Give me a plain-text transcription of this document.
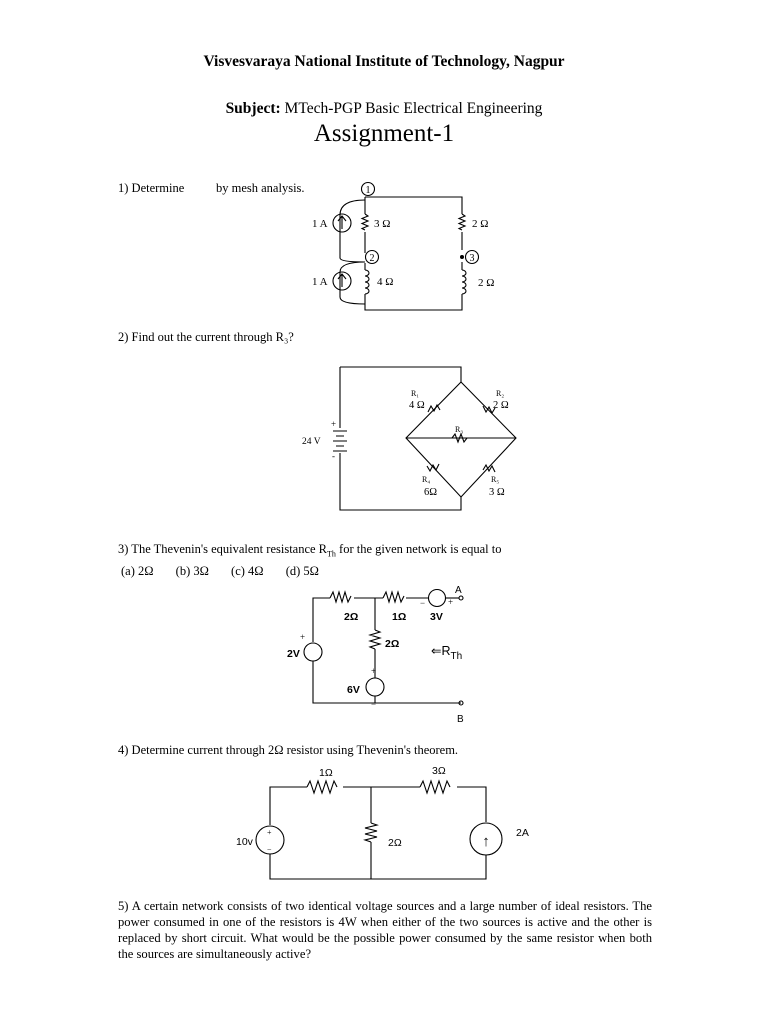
Visvesvaraya National Institute of Technology, Nagpur
Subject: MTech-PGP Basic Electrical Engineering
Assignment-1
1) Determine	by mesh analysis.
2) Find out the current through R₃?
3) The Thevenin's equivalent resistance $R_{Th}$ for the given network is equal to
(a) 2Ω (b) 3Ω (c) 4Ω (d) 5Ω
4) Determine current through 2Ω resistor using Thevenin's theorem.
5) A certain network consists of two identical voltage sources and a large number of ideal resistors. The power consumed in one of the resistors is 4W when either of the two sources is active and the other is replaced by short circuit. What would be the possible power consumed by the same resistor when both the sources are simultaneously active?
1
2	3
1 A
1 A
3 Ω
4 Ω
2 Ω
2 Ω
+
-
24 V
R₁
4 Ω
R₂
2 Ω
R₃
R₄
6Ω
R₅
3 Ω
2Ω	1Ω 3V
2Ω
2V
6V
A
B
+
−
+
+
−
$⇐R_{Th}$
1Ω	3Ω
10v	2Ω
2A
+
−	↑
